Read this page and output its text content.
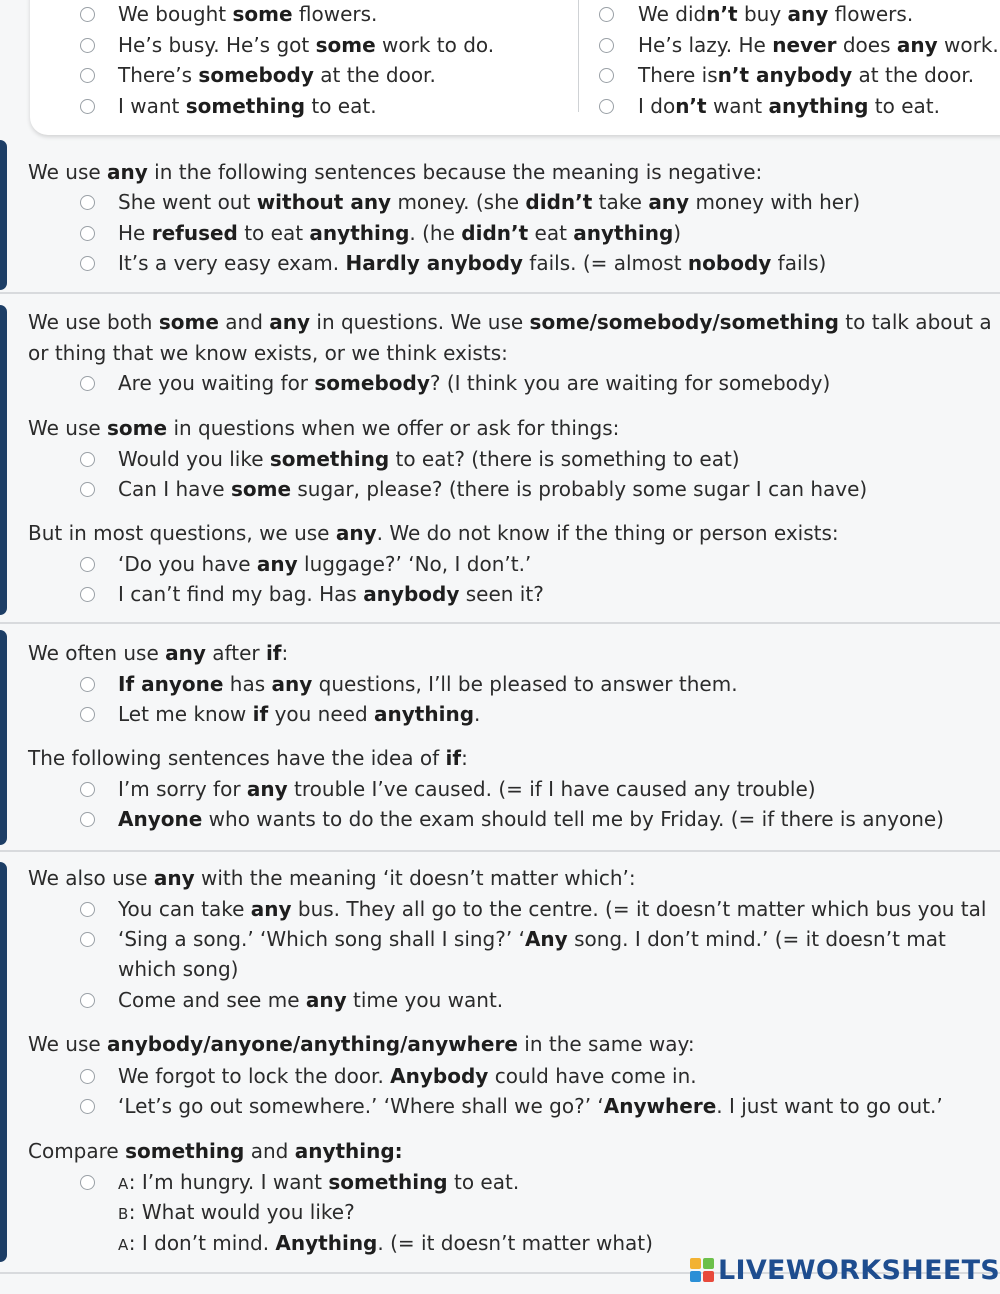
We bought some flowers.
He’s busy. He’s got some work to do.
There’s somebody at the door.
I want something to eat.
We didn’t buy any flowers.
He’s lazy. He never does any work.
There isn’t anybody at the door.
I don’t want anything to eat.
We use any in the following sentences because the meaning is negative:
She went out without any money. (she didn’t take any money with her)
He refused to eat anything. (he didn’t eat anything)
It’s a very easy exam. Hardly anybody fails. (= almost nobody fails)
We use both some and any in questions. We use some/somebody/something to talk about a
or thing that we know exists, or we think exists:
Are you waiting for somebody? (I think you are waiting for somebody)
We use some in questions when we offer or ask for things:
Would you like something to eat? (there is something to eat)
Can I have some sugar, please? (there is probably some sugar I can have)
But in most questions, we use any. We do not know if the thing or person exists:
‘Do you have any luggage?’ ‘No, I don’t.’
I can’t find my bag. Has anybody seen it?
We often use any after if:
If anyone has any questions, I’ll be pleased to answer them.
Let me know if you need anything.
The following sentences have the idea of if:
I’m sorry for any trouble I’ve caused. (= if I have caused any trouble)
Anyone who wants to do the exam should tell me by Friday. (= if there is anyone)
We also use any with the meaning ‘it doesn’t matter which’:
You can take any bus. They all go to the centre. (= it doesn’t matter which bus you tal
‘Sing a song.’ ‘Which song shall I sing?’ ‘Any song. I don’t mind.’ (= it doesn’t mat
which song)
Come and see me any time you want.
We use anybody/anyone/anything/anywhere in the same way:
We forgot to lock the door. Anybody could have come in.
‘Let’s go out somewhere.’ ‘Where shall we go?’ ‘Anywhere. I just want to go out.’
Compare something and anything:
A: I’m hungry. I want something to eat.
B: What would you like?
A: I don’t mind. Anything. (= it doesn’t matter what)
LIVEWORKSHEETS
